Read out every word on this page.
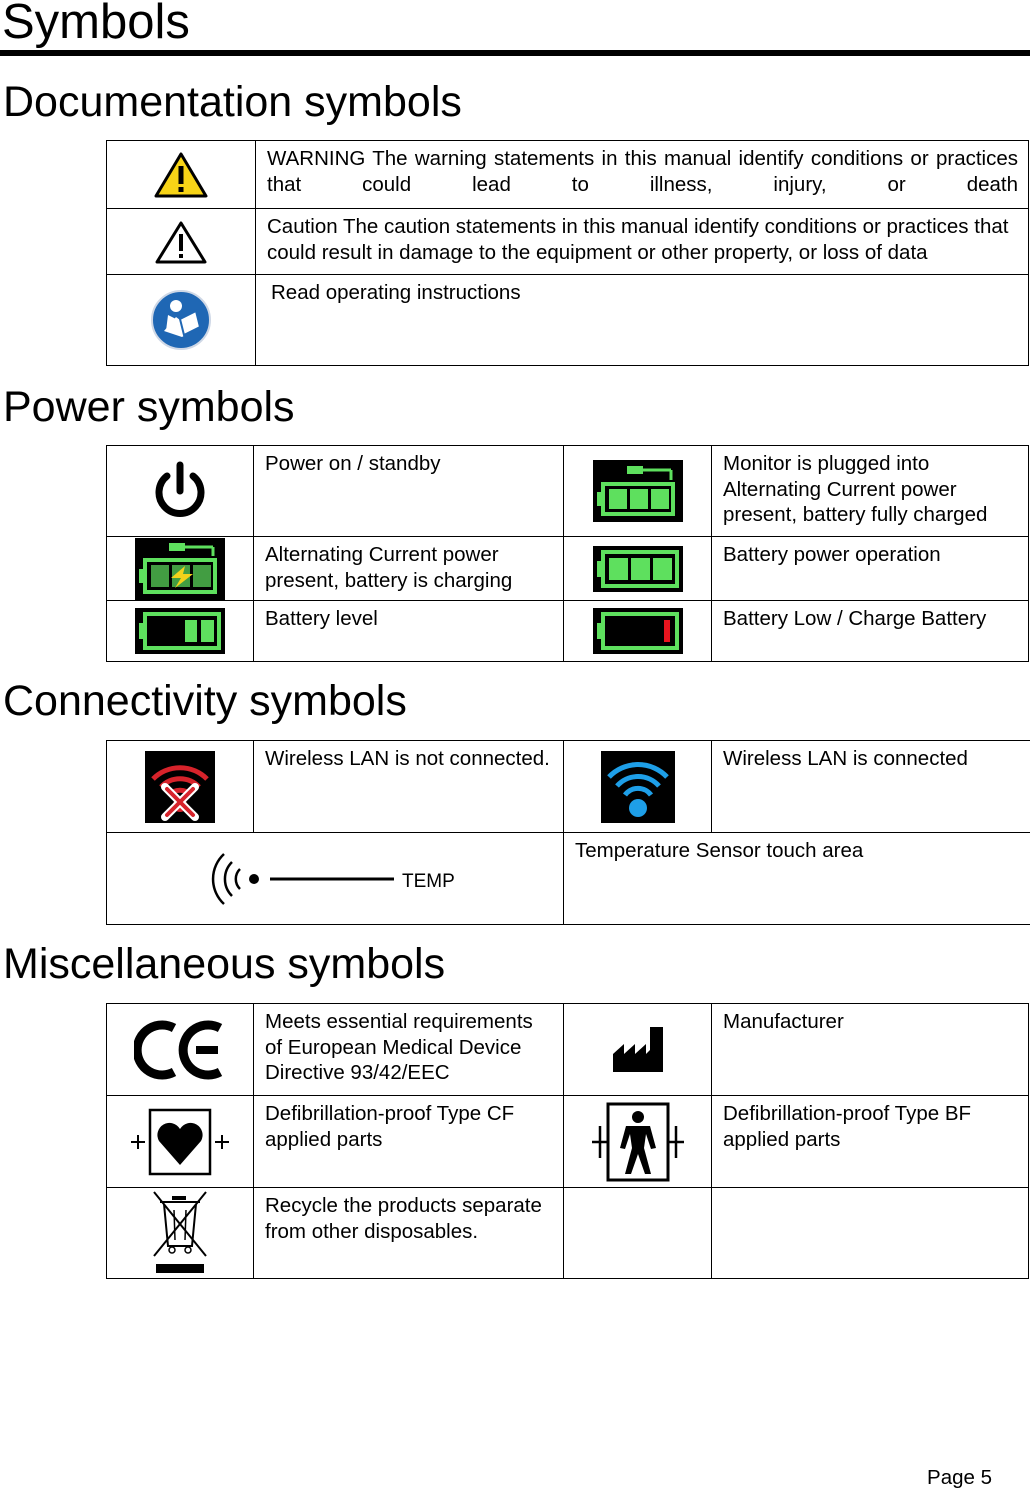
Symbols
Documentation symbols
	WARNING The warning statements in this manual identify conditions or practices that could lead to illness, injury, or death
	Caution The caution statements in this manual identify conditions or practices that could result in damage to the equipment or other property, or loss of data
	Read operating instructions
Power symbols
	Power on / standby		Monitor is plugged into Alternating Current power present, battery fully charged
	Alternating Current power present, battery is charging		Battery power operation
	Battery level		Battery Low / Charge Battery
Connectivity symbols
	Wireless LAN is not connected.		Wireless LAN is connected

TEMP		Temperature Sensor touch area	
Miscellaneous symbols
	Meets essential requirements of European Medical Device Directive 93/42/EEC		Manufacturer
	Defibrillation-proof Type CF applied parts		Defibrillation-proof Type BF applied parts
	Recycle the products separate from other disposables.		
Page 5
